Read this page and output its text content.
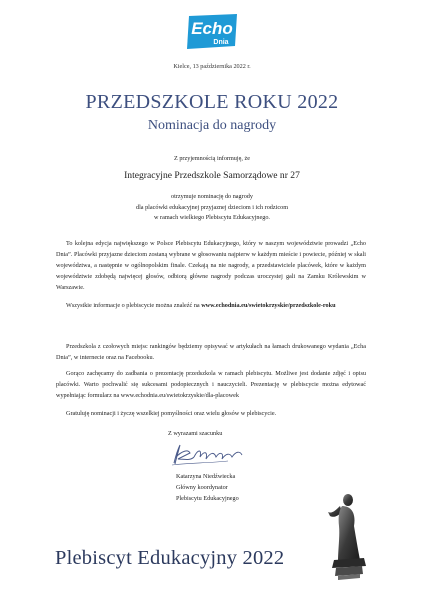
Echo
Dnia
Kielce, 13 października 2022 r.
PRZEDSZKOLE ROKU 2022
Nominacja do nagrody
Z przyjemnością informuję, że
Integracyjne Przedszkole Samorządowe nr 27
otrzymuje nominację do nagrody
dla placówki edukacyjnej przyjaznej dzieciom i ich rodzicom
w ramach wielkiego Plebiscytu Edukacyjnego.
To kolejna edycja największego w Polsce Plebiscytu Edukacyjnego, który w naszym województwie prowadzi „Echo Dnia”. Placówki przyjazne dzieciom zostaną wybrane w głosowaniu najpierw w każdym mieście i powiecie, później w skali województwa, a następnie w ogólnopolskim finale. Czekają na nie nagrody, a przedstawiciele placówek, które w każdym województwie zdobędą najwięcej głosów, odbiorą główne nagrody podczas uroczystej gali na Zamku Królewskim w Warszawie.
Wszystkie informacje o plebiscycie można znaleźć na www.echodnia.eu/swietokrzyskie/przedszkole-roku
Przedszkola z czołowych miejsc rankingów będziemy opisywać w artykułach na łamach drukowanego wydania „Echa Dnia”, w internecie oraz na Facebooku.
Gorąco zachęcamy do zadbania o prezentację przedszkola w ramach plebiscytu. Możliwe jest dodanie zdjęć i opisu placówki. Warto pochwalić się sukcesami podopiecznych i nauczycieli. Prezentację w plebiscycie można edytować wypełniając formularz na www.echodnia.eu/swietokrzyskie/dla-placowek
Gratuluję nominacji i życzę wszelkiej pomyślności oraz wielu głosów w plebiscycie.
Z wyrazami szacunku
Katarzyna Niedźwiecka
Główny koordynator
Plebiscytu Edukacyjnego
Plebiscyt Edukacyjny 2022
